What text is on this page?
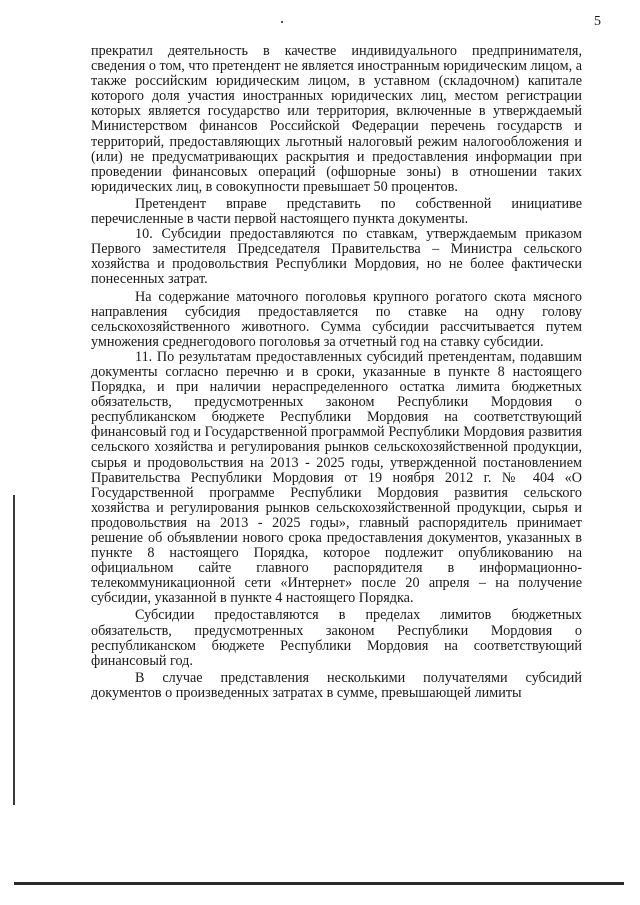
5

прекратил деятельность в качестве индивидуального предпринимателя, сведения о том, что претендент не является иностранным юридическим лицом, а также российским юридическим лицом, в уставном (складочном) капитале которого доля участия иностранных юридических лиц, местом регистрации которых является государство или территория, включенные в утверждаемый Министерством финансов Российской Федерации перечень государств и территорий, предоставляющих льготный налоговый режим налогообложения и (или) не предусматривающих раскрытия и предоставления информации при проведении финансовых операций (офшорные зоны) в отношении таких юридических лиц, в совокупности превышает 50 процентов.

Претендент вправе представить по собственной инициативе перечисленные в части первой настоящего пункта документы.

10. Субсидии предоставляются по ставкам, утверждаемым приказом Первого заместителя Председателя Правительства – Министра сельского хозяйства и продовольствия Республики Мордовия, но не более фактически понесенных затрат.

На содержание маточного поголовья крупного рогатого скота мясного направления субсидия предоставляется по ставке на одну голову сельскохозяйственного животного. Сумма субсидии рассчитывается путем умножения среднегодового поголовья за отчетный год на ставку субсидии.

11. По результатам предоставленных субсидий претендентам, подавшим документы согласно перечню и в сроки, указанные в пункте 8 настоящего Порядка, и при наличии нераспределенного остатка лимита бюджетных обязательств, предусмотренных законом Республики Мордовия о республиканском бюджете Республики Мордовия на соответствующий финансовый год и Государственной программой Республики Мордовия развития сельского хозяйства и регулирования рынков сельскохозяйственной продукции, сырья и продовольствия на 2013 - 2025 годы, утвержденной постановлением Правительства Республики Мордовия от 19 ноября 2012 г. № 404 «О Государственной программе Республики Мордовия развития сельского хозяйства и регулирования рынков сельскохозяйственной продукции, сырья и продовольствия на 2013 - 2025 годы», главный распорядитель принимает решение об объявлении нового срока предоставления документов, указанных в пункте 8 настоящего Порядка, которое подлежит опубликованию на официальном сайте главного распорядителя в информационно-телекоммуникационной сети «Интернет» после 20 апреля – на получение субсидии, указанной в пункте 4 настоящего Порядка.

Субсидии предоставляются в пределах лимитов бюджетных обязательств, предусмотренных законом Республики Мордовия о республиканском бюджете Республики Мордовия на соответствующий финансовый год.

В случае представления несколькими получателями субсидий документов о произведенных затратах в сумме, превышающей лимиты
